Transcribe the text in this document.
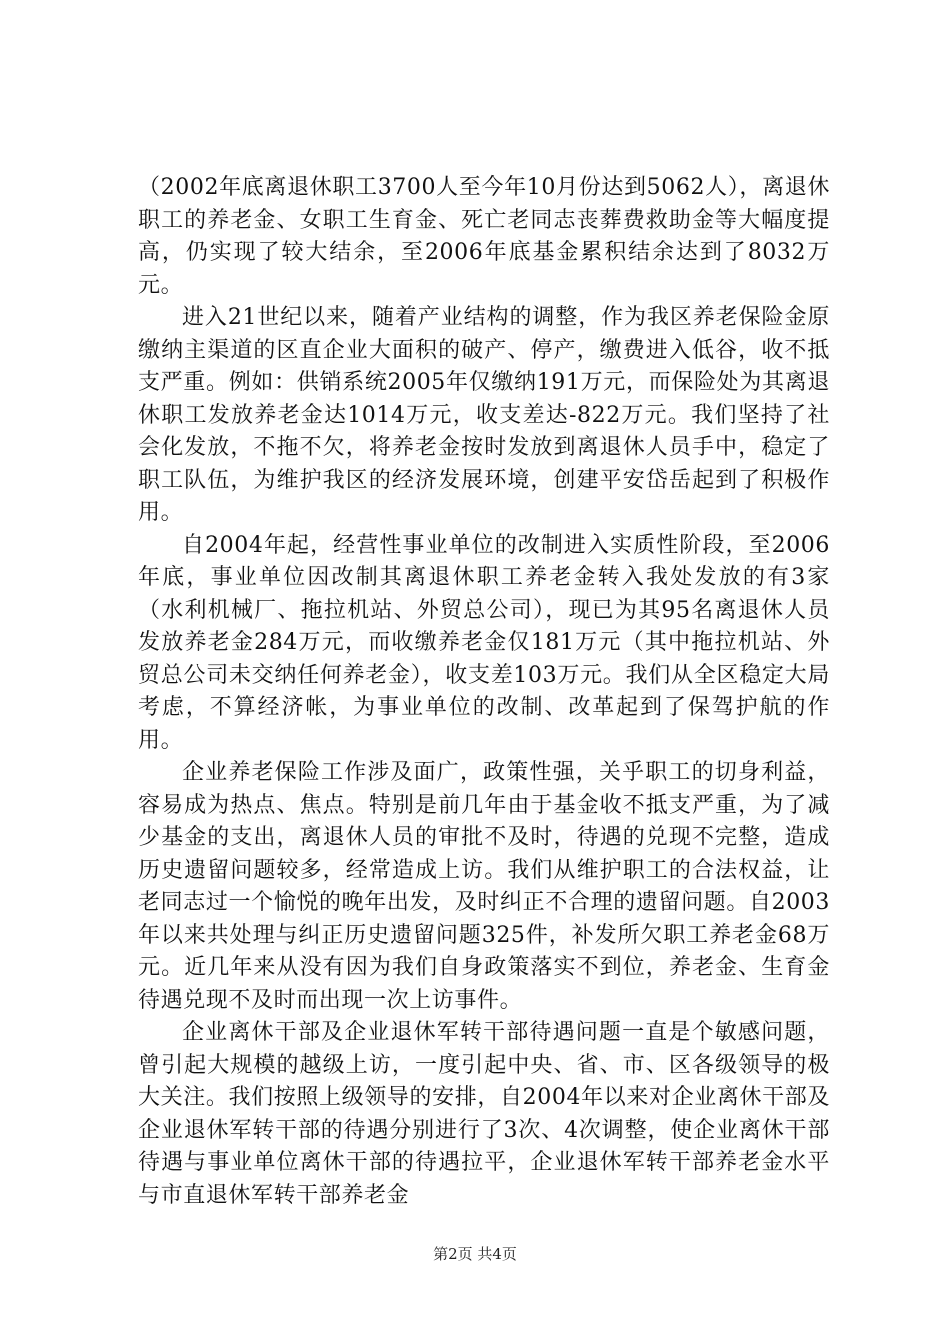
（2002年底离退休职工3700人至今年10月份达到5062人），离退休职工的养老金、女职工生育金、死亡老同志丧葬费救助金等大幅度提高，仍实现了较大结余，至2006年底基金累积结余达到了8032万元。

进入21世纪以来，随着产业结构的调整，作为我区养老保险金原缴纳主渠道的区直企业大面积的破产、停产，缴费进入低谷，收不抵支严重。例如：供销系统2005年仅缴纳191万元，而保险处为其离退休职工发放养老金达1014万元，收支差达-822万元。我们坚持了社会化发放，不拖不欠，将养老金按时发放到离退休人员手中，稳定了职工队伍，为维护我区的经济发展环境，创建平安岱岳起到了积极作用。

自2004年起，经营性事业单位的改制进入实质性阶段，至2006年底，事业单位因改制其离退休职工养老金转入我处发放的有3家（水利机械厂、拖拉机站、外贸总公司），现已为其95名离退休人员发放养老金284万元，而收缴养老金仅181万元（其中拖拉机站、外贸总公司未交纳任何养老金），收支差103万元。我们从全区稳定大局考虑，不算经济帐，为事业单位的改制、改革起到了保驾护航的作用。

企业养老保险工作涉及面广，政策性强，关乎职工的切身利益，容易成为热点、焦点。特别是前几年由于基金收不抵支严重，为了减少基金的支出，离退休人员的审批不及时，待遇的兑现不完整，造成历史遗留问题较多，经常造成上访。我们从维护职工的合法权益，让老同志过一个愉悦的晚年出发，及时纠正不合理的遗留问题。自2003年以来共处理与纠正历史遗留问题325件，补发所欠职工养老金68万元。近几年来从没有因为我们自身政策落实不到位，养老金、生育金待遇兑现不及时而出现一次上访事件。

企业离休干部及企业退休军转干部待遇问题一直是个敏感问题，曾引起大规模的越级上访，一度引起中央、省、市、区各级领导的极大关注。我们按照上级领导的安排，自2004年以来对企业离休干部及企业退休军转干部的待遇分别进行了3次、4次调整，使企业离休干部待遇与事业单位离休干部的待遇拉平，企业退休军转干部养老金水平与市直退休军转干部养老金

第2页 共4页
